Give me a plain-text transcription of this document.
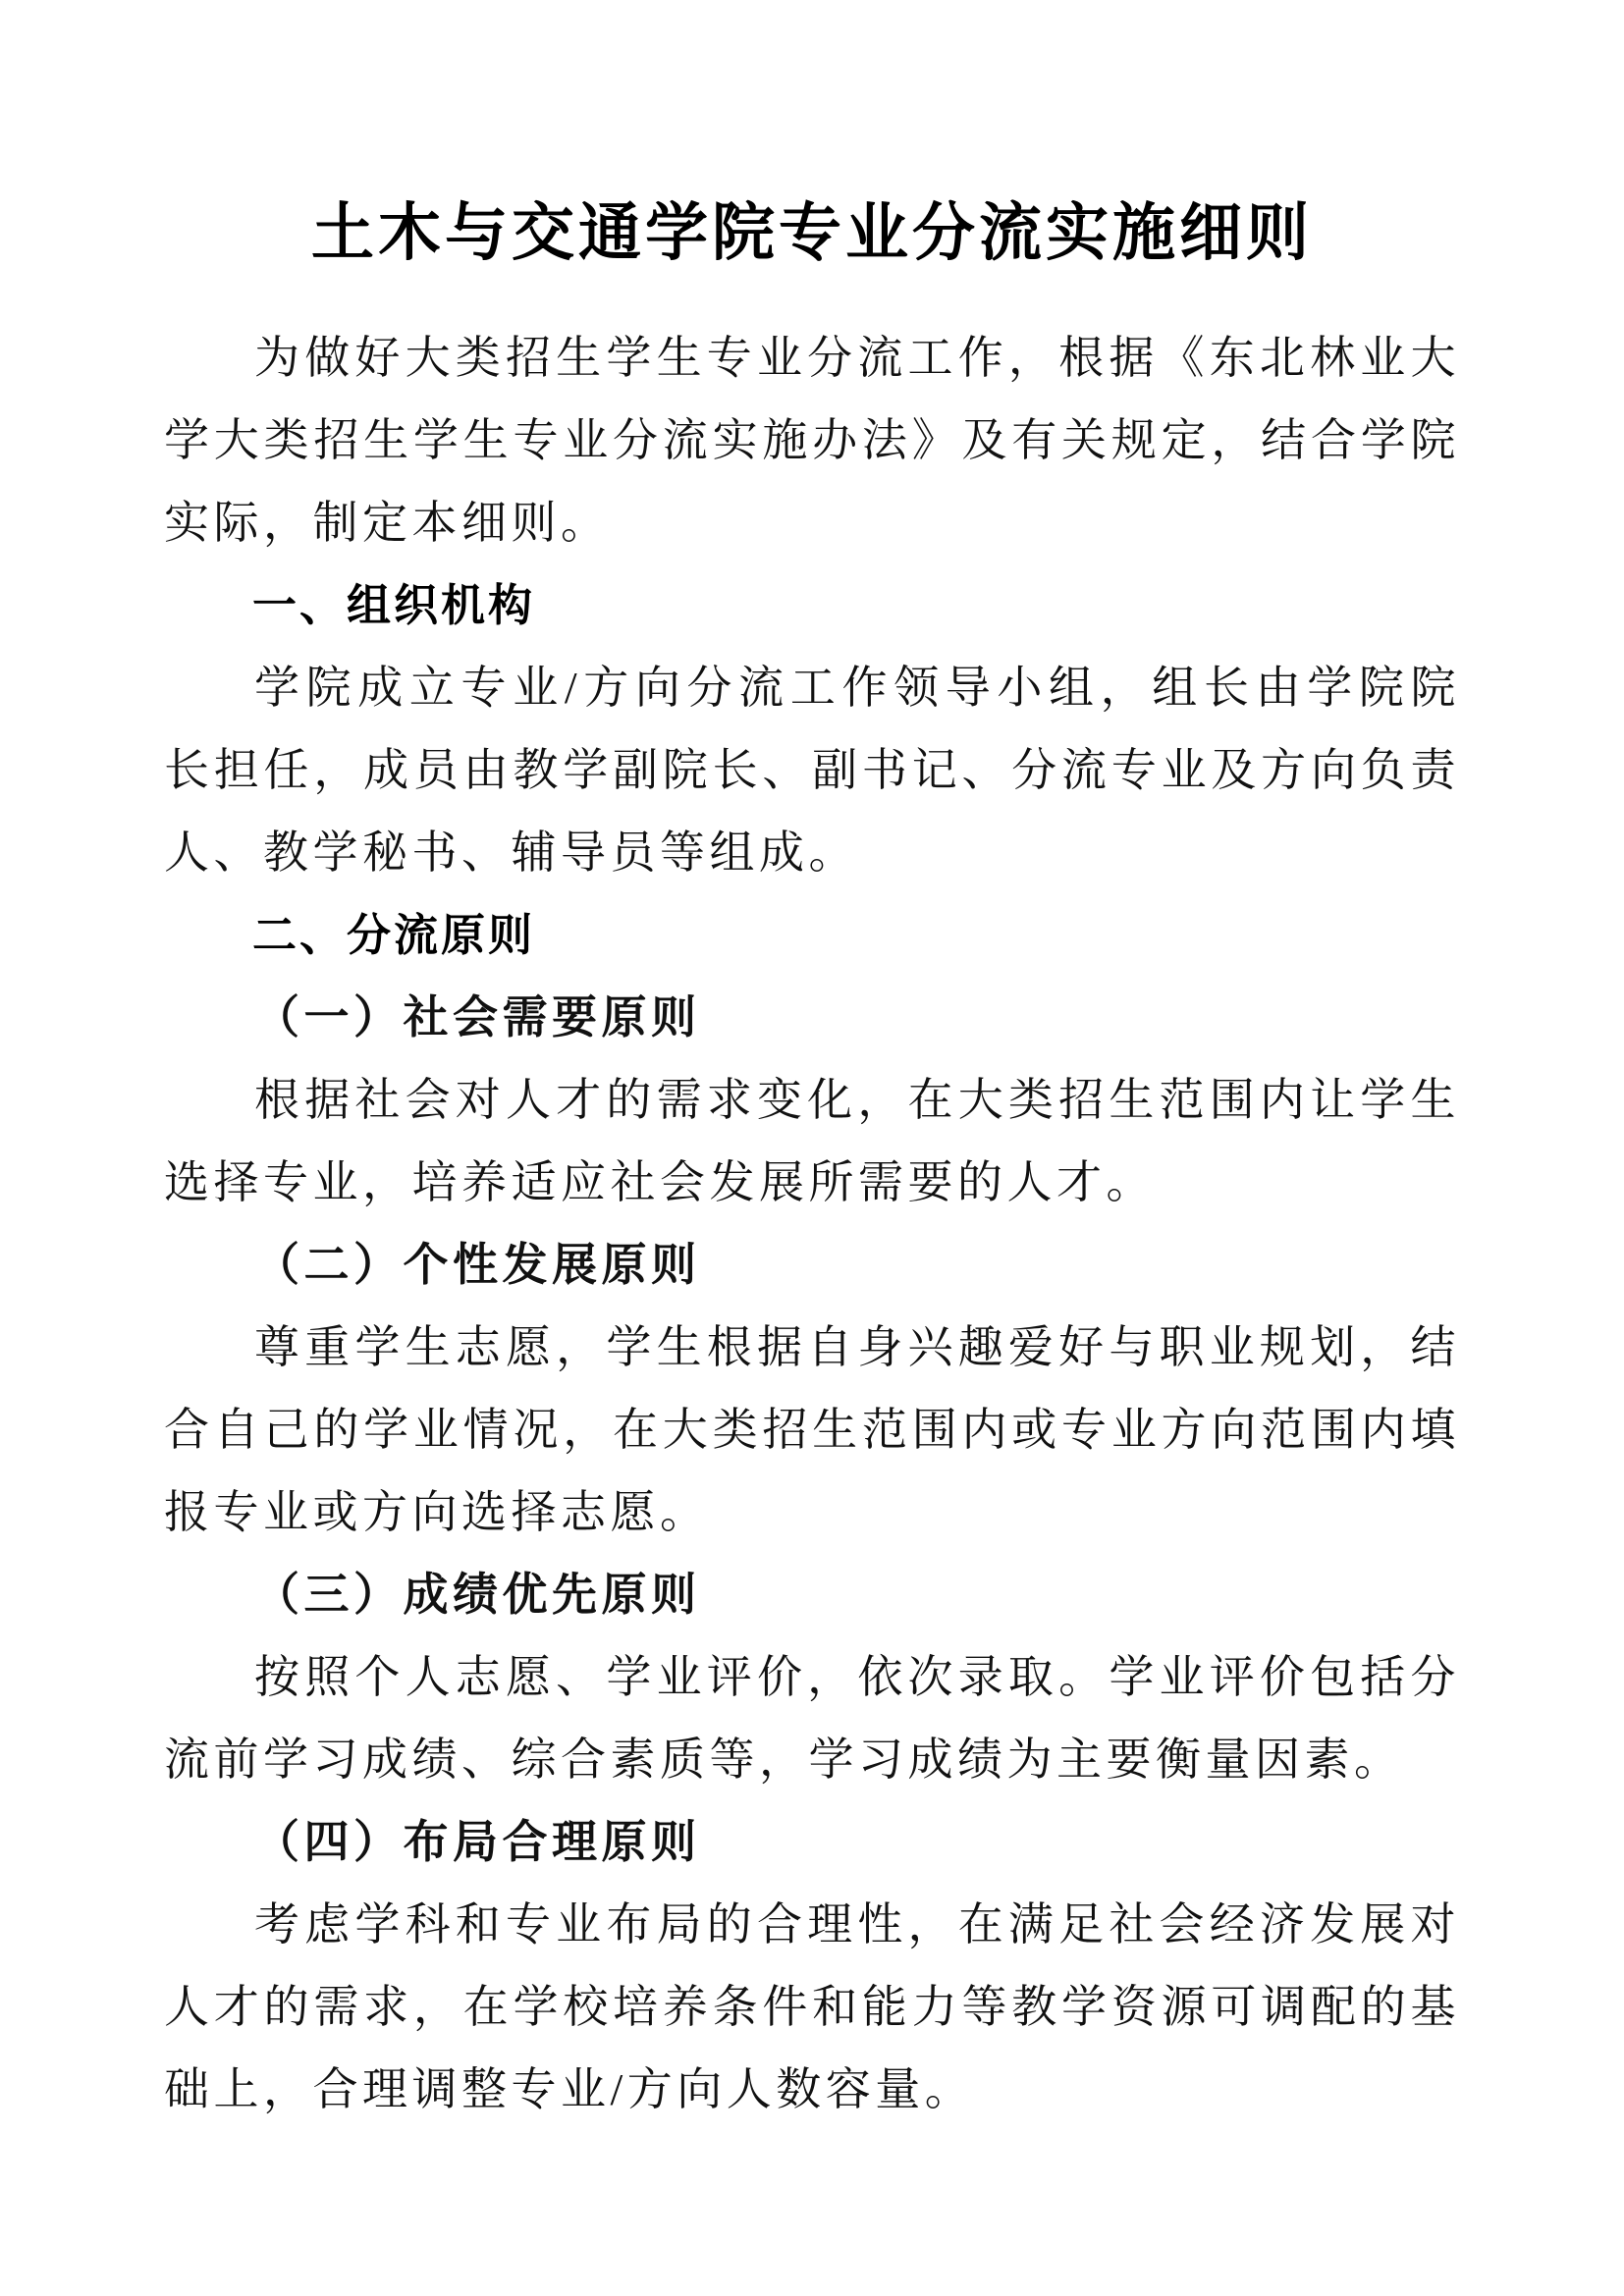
土木与交通学院专业分流实施细则

为做好大类招生学生专业分流工作，根据《东北林业大学大类招生学生专业分流实施办法》及有关规定，结合学院实际，制定本细则。

一、组织机构

学院成立专业/方向分流工作领导小组，组长由学院院长担任，成员由教学副院长、副书记、分流专业及方向负责人、教学秘书、辅导员等组成。

二、分流原则
（一）社会需要原则

根据社会对人才的需求变化，在大类招生范围内让学生选择专业，培养适应社会发展所需要的人才。

（二）个性发展原则

尊重学生志愿，学生根据自身兴趣爱好与职业规划，结合自己的学业情况，在大类招生范围内或专业方向范围内填报专业或方向选择志愿。

（三）成绩优先原则

按照个人志愿、学业评价，依次录取。学业评价包括分流前学习成绩、综合素质等，学习成绩为主要衡量因素。

（四）布局合理原则

考虑学科和专业布局的合理性，在满足社会经济发展对人才的需求，在学校培养条件和能力等教学资源可调配的基础上，合理调整专业/方向人数容量。
